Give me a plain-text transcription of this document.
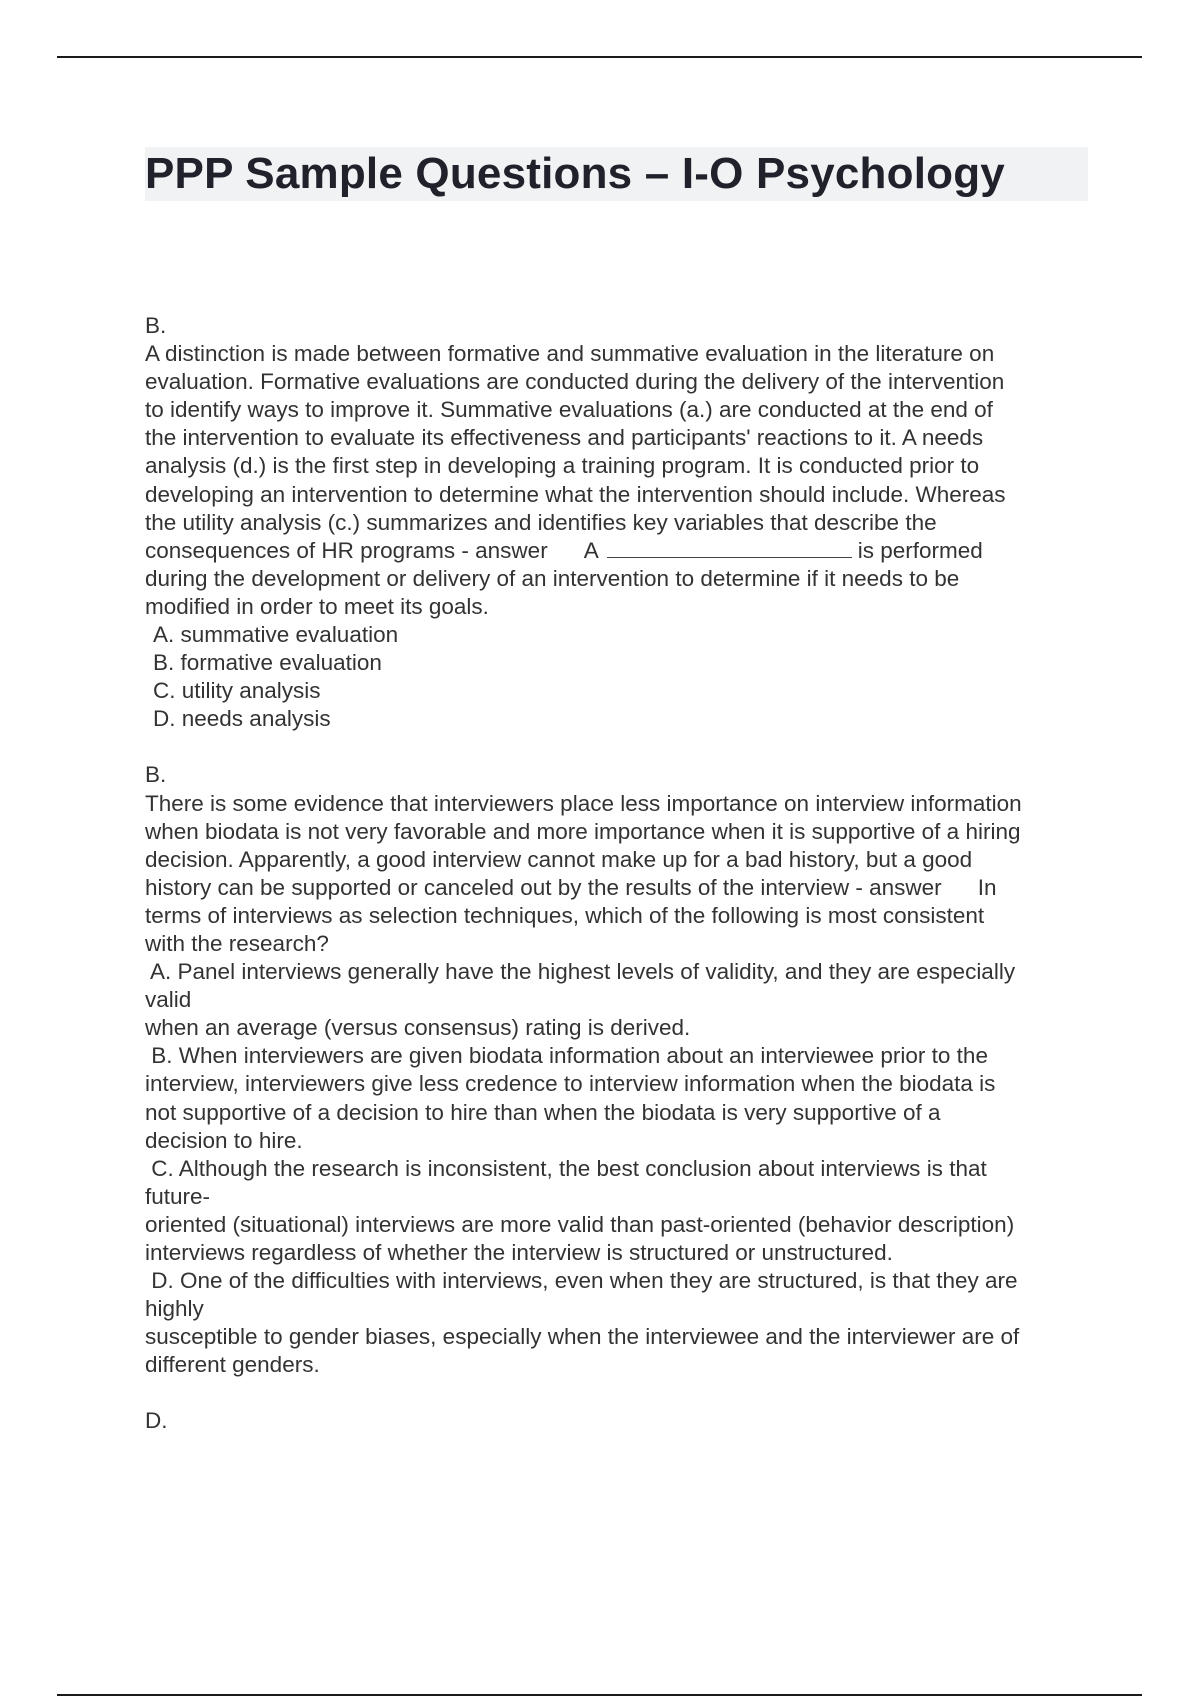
PPP Sample Questions – I-O Psychology
B.
A distinction is made between formative and summative evaluation in the literature on
evaluation. Formative evaluations are conducted during the delivery of the intervention
to identify ways to improve it. Summative evaluations (a.) are conducted at the end of
the intervention to evaluate its effectiveness and participants' reactions to it. A needs
analysis (d.) is the first step in developing a training program. It is conducted prior to
developing an intervention to determine what the intervention should include. Whereas
the utility analysis (c.) summarizes and identifies key variables that describe the
consequences of HR programs - answer A	is performed
during the development or delivery of an intervention to determine if it needs to be
modified in order to meet its goals.
A. summative evaluation
B. formative evaluation
C. utility analysis
D. needs analysis
B.
There is some evidence that interviewers place less importance on interview information
when biodata is not very favorable and more importance when it is supportive of a hiring
decision. Apparently, a good interview cannot make up for a bad history, but a good
history can be supported or canceled out by the results of the interview - answer In
terms of interviews as selection techniques, which of the following is most consistent
with the research?
A. Panel interviews generally have the highest levels of validity, and they are especially
valid
when an average (versus consensus) rating is derived.
B. When interviewers are given biodata information about an interviewee prior to the
interview, interviewers give less credence to interview information when the biodata is
not supportive of a decision to hire than when the biodata is very supportive of a
decision to hire.
C. Although the research is inconsistent, the best conclusion about interviews is that
future-
oriented (situational) interviews are more valid than past-oriented (behavior description)
interviews regardless of whether the interview is structured or unstructured.
D. One of the difficulties with interviews, even when they are structured, is that they are
highly
susceptible to gender biases, especially when the interviewee and the interviewer are of
different genders.
D.
